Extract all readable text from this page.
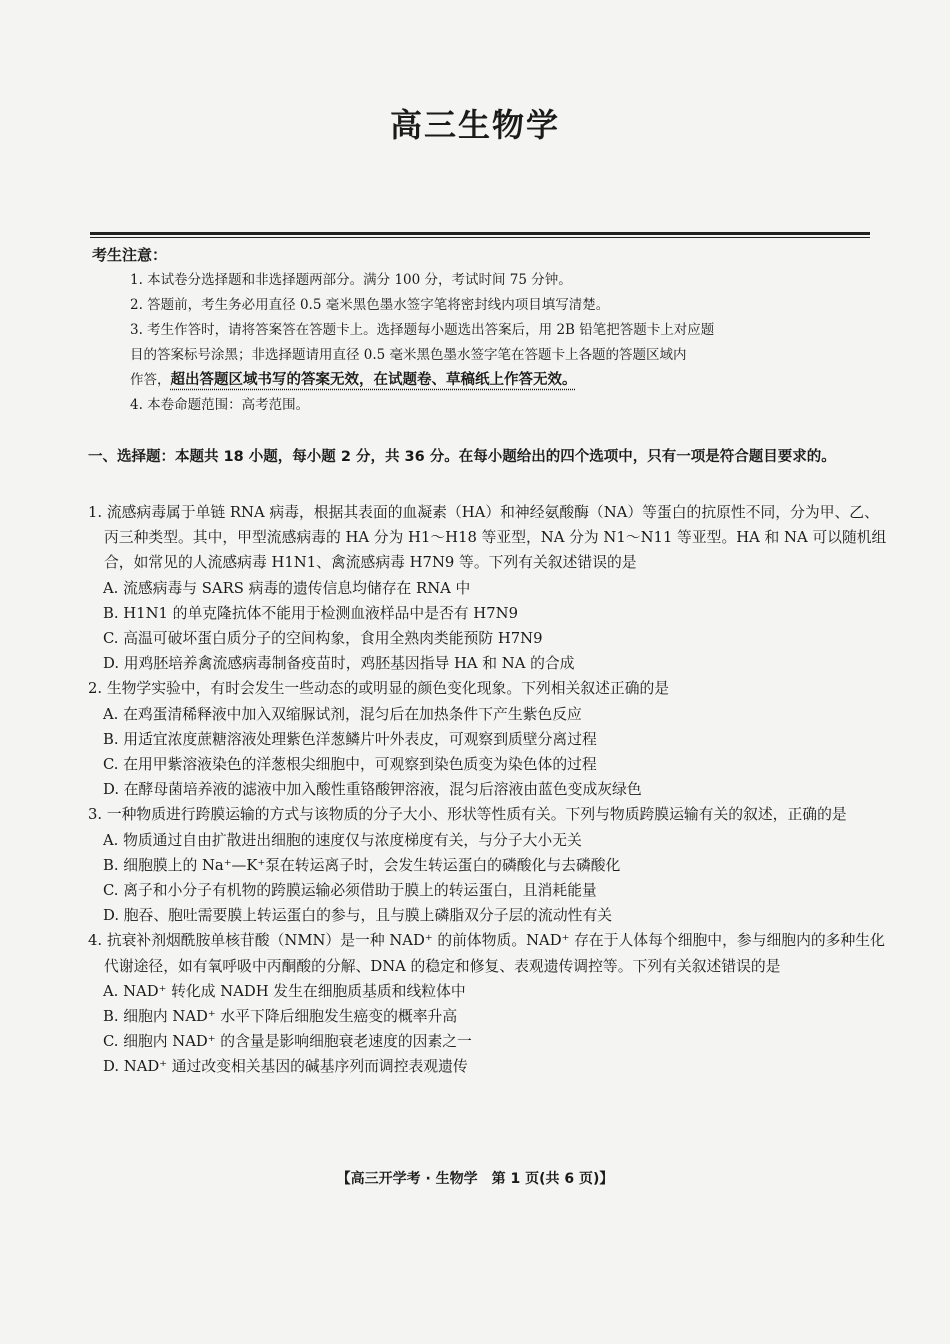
高三生物学
考生注意：
1. 本试卷分选择题和非选择题两部分。满分 100 分，考试时间 75 分钟。
2. 答题前，考生务必用直径 0.5 毫米黑色墨水签字笔将密封线内项目填写清楚。
3. 考生作答时，请将答案答在答题卡上。选择题每小题选出答案后，用 2B 铅笔把答题卡上对应题
目的答案标号涂黑；非选择题请用直径 0.5 毫米黑色墨水签字笔在答题卡上各题的答题区域内
作答，超出答题区域书写的答案无效，在试题卷、草稿纸上作答无效。
4. 本卷命题范围：高考范围。
一、选择题：本题共 18 小题，每小题 2 分，共 36 分。在每小题给出的四个选项中，只有一项是符合题目要求的。
1. 流感病毒属于单链 RNA 病毒，根据其表面的血凝素（HA）和神经氨酸酶（NA）等蛋白的抗原性不同，分为甲、乙、丙三种类型。其中，甲型流感病毒的 HA 分为 H1～H18 等亚型，NA 分为 N1～N11 等亚型。HA 和 NA 可以随机组合，如常见的人流感病毒 H1N1、禽流感病毒 H7N9 等。下列有关叙述错误的是
A. 流感病毒与 SARS 病毒的遗传信息均储存在 RNA 中
B. H1N1 的单克隆抗体不能用于检测血液样品中是否有 H7N9
C. 高温可破坏蛋白质分子的空间构象，食用全熟肉类能预防 H7N9
D. 用鸡胚培养禽流感病毒制备疫苗时，鸡胚基因指导 HA 和 NA 的合成
2. 生物学实验中，有时会发生一些动态的或明显的颜色变化现象。下列相关叙述正确的是
A. 在鸡蛋清稀释液中加入双缩脲试剂，混匀后在加热条件下产生紫色反应
B. 用适宜浓度蔗糖溶液处理紫色洋葱鳞片叶外表皮，可观察到质壁分离过程
C. 在用甲紫溶液染色的洋葱根尖细胞中，可观察到染色质变为染色体的过程
D. 在酵母菌培养液的滤液中加入酸性重铬酸钾溶液，混匀后溶液由蓝色变成灰绿色
3. 一种物质进行跨膜运输的方式与该物质的分子大小、形状等性质有关。下列与物质跨膜运输有关的叙述，正确的是
A. 物质通过自由扩散进出细胞的速度仅与浓度梯度有关，与分子大小无关
B. 细胞膜上的 Na⁺—K⁺泵在转运离子时，会发生转运蛋白的磷酸化与去磷酸化
C. 离子和小分子有机物的跨膜运输必须借助于膜上的转运蛋白，且消耗能量
D. 胞吞、胞吐需要膜上转运蛋白的参与，且与膜上磷脂双分子层的流动性有关
4. 抗衰补剂烟酰胺单核苷酸（NMN）是一种 NAD⁺ 的前体物质。NAD⁺ 存在于人体每个细胞中，参与细胞内的多种生化代谢途径，如有氧呼吸中丙酮酸的分解、DNA 的稳定和修复、表观遗传调控等。下列有关叙述错误的是
A. NAD⁺ 转化成 NADH 发生在细胞质基质和线粒体中
B. 细胞内 NAD⁺ 水平下降后细胞发生癌变的概率升高
C. 细胞内 NAD⁺ 的含量是影响细胞衰老速度的因素之一
D. NAD⁺ 通过改变相关基因的碱基序列而调控表观遗传
【高三开学考 · 生物学　第 1 页(共 6 页)】
